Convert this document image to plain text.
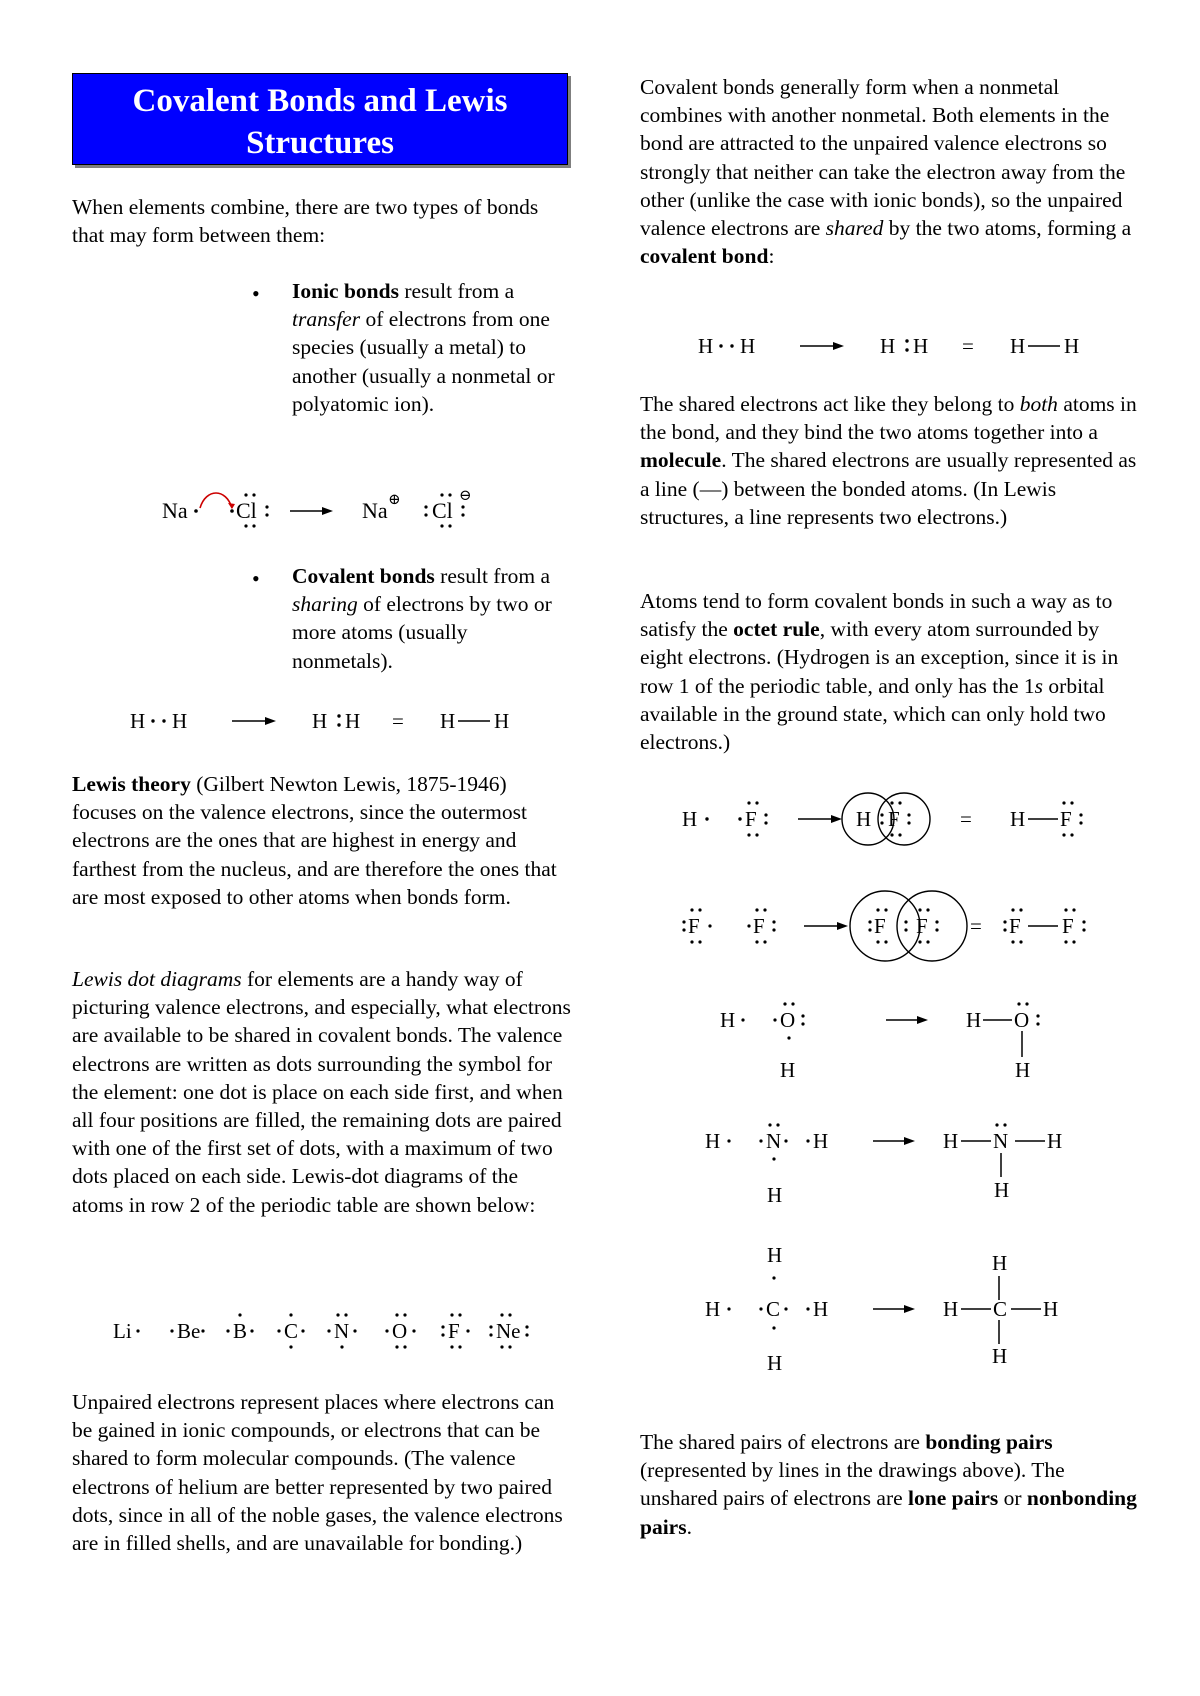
Covalent Bonds and Lewis Structures

When elements combine, there are two types of bonds that may form between them:

• Ionic bonds result from a transfer of electrons from one species (usually a metal) to another (usually a nonmetal or polyatomic ion).

Na Cl	Na ⊕ Cl
⊖
• Covalent bonds result from a sharing of electrons by two or more atoms (usually nonmetals).

H H	H H = H H

Lewis theory (Gilbert Newton Lewis, 1875-1946) focuses on the valence electrons, since the outermost electrons are the ones that are highest in energy and farthest from the nucleus, and are therefore the ones that are most exposed to other atoms when bonds form.

Lewis dot diagrams for elements are a handy way of picturing valence electrons, and especially, what electrons are available to be shared in covalent bonds. The valence electrons are written as dots surrounding the symbol for the element: one dot is place on each side first, and when all four positions are filled, the remaining dots are paired with one of the first set of dots, with a maximum of two dots placed on each side. Lewis-dot diagrams of the atoms in row 2 of the periodic table are shown below:

Li Be B C N O F Ne

Unpaired electrons represent places where electrons can be gained in ionic compounds, or electrons that can be shared to form molecular compounds. (The valence electrons of helium are better represented by two paired dots, since in all of the noble gases, the valence electrons are in filled shells, and are unavailable for bonding.)

Covalent bonds generally form when a nonmetal combines with another nonmetal. Both elements in the bond are attracted to the unpaired valence electrons so strongly that neither can take the electron away from the other (unlike the case with ionic bonds), so the unpaired valence electrons are shared by the two atoms, forming a covalent bond:

H H	H H = H H

The shared electrons act like they belong to both atoms in the bond, and they bind the two atoms together into a molecule. The shared electrons are usually represented as a line (—) between the bonded atoms. (In Lewis structures, a line represents two electrons.)

Atoms tend to form covalent bonds in such a way as to satisfy the octet rule, with every atom surrounded by eight electrons. (Hydrogen is an exception, since it is in row 1 of the periodic table, and only has the 1s orbital available in the ground state, which can only hold two electrons.)

H F	H F	= H F
F	F	F F = F F
H O
H
H O
H
H N H
H
H N H
H
H
H C H
H
H
H C H
H

The shared pairs of electrons are bonding pairs (represented by lines in the drawings above). The unshared pairs of electrons are lone pairs or nonbonding pairs.
